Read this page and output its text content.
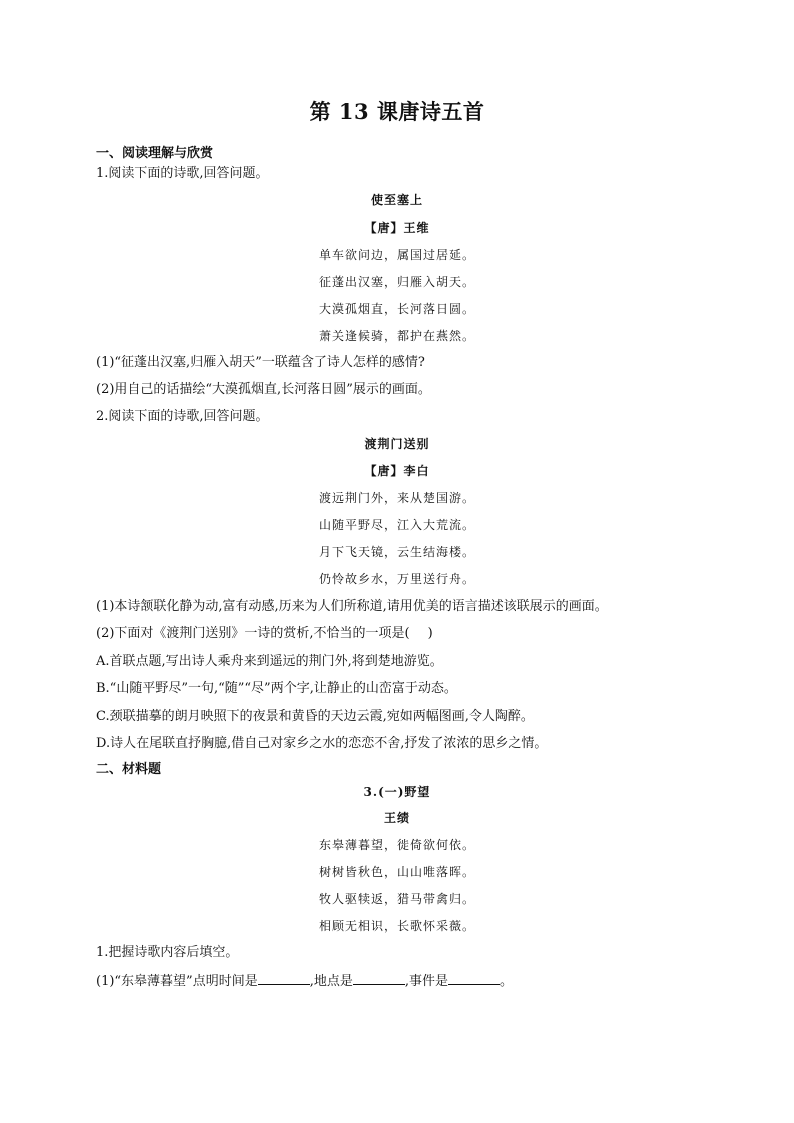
第 13 课唐诗五首
一、阅读理解与欣赏
1.阅读下面的诗歌,回答问题。
使至塞上
【唐】王维
单车欲问边，属国过居延。
征蓬出汉塞，归雁入胡天。
大漠孤烟直，长河落日圆。
萧关逢候骑，都护在燕然。
(1)“征蓬出汉塞,归雁入胡天”一联蕴含了诗人怎样的感情?
(2)用自己的话描绘“大漠孤烟直,长河落日圆”展示的画面。
2.阅读下面的诗歌,回答问题。
渡荆门送别
【唐】李白
渡远荆门外，来从楚国游。
山随平野尽，江入大荒流。
月下飞天镜，云生结海楼。
仍怜故乡水，万里送行舟。
(1)本诗颔联化静为动,富有动感,历来为人们所称道,请用优美的语言描述该联展示的画面。
(2)下面对《渡荆门送别》一诗的赏析,不恰当的一项是( )
A.首联点题,写出诗人乘舟来到遥远的荆门外,将到楚地游览。
B.“山随平野尽”一句,“随”“尽”两个字,让静止的山峦富于动态。
C.颈联描摹的朗月映照下的夜景和黄昏的天边云霞,宛如两幅图画,令人陶醉。
D.诗人在尾联直抒胸臆,借自己对家乡之水的恋恋不舍,抒发了浓浓的思乡之情。
二、材料题
3.(一)野望
王绩
东皋薄暮望，徙倚欲何依。
树树皆秋色，山山唯落晖。
牧人驱犊返，猎马带禽归。
相顾无相识，长歌怀采薇。
1.把握诗歌内容后填空。
(1)“东皋薄暮望”点明时间是	,地点是	,事件是	。
